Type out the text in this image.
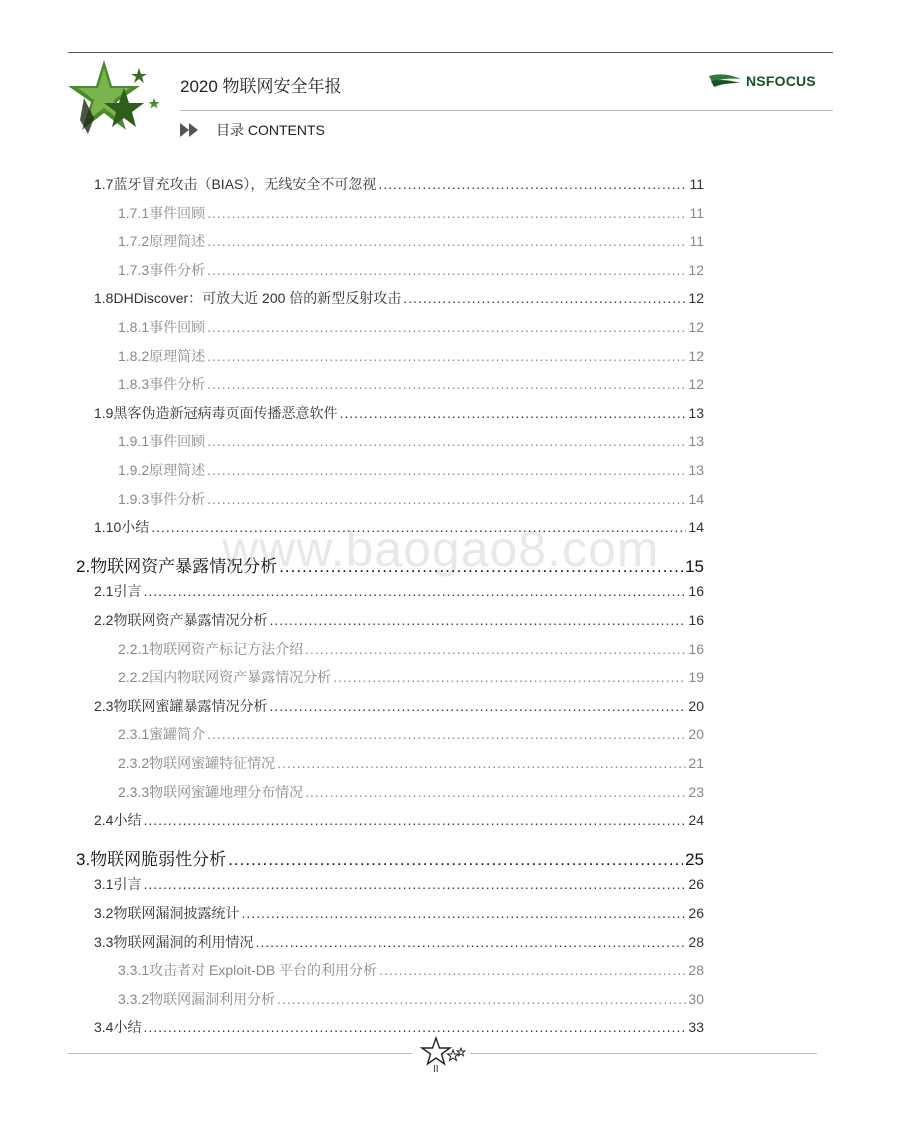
2020 物联网安全年报	NSFOCUS
目录 CONTENTS
1.7 蓝牙冒充攻击（BIAS），无线安全不可忽视 .....	11
1.7.1 事件回顾 .....	11
1.7.2 原理简述 .....	11
1.7.3 事件分析 .....	12
1.8 DHDiscover：可放大近 200 倍的新型反射攻击 .....	12
1.8.1 事件回顾 .....	12
1.8.2 原理简述 .....	12
1.8.3 事件分析 .....	12
1.9 黑客伪造新冠病毒页面传播恶意软件 .....	13
1.9.1 事件回顾 .....	13
1.9.2 原理简述 .....	13
1.9.3 事件分析 .....	14
1.10 小结 .....	14
2. 物联网资产暴露情况分析 .....	15
2.1 引言 .....	16
2.2 物联网资产暴露情况分析 .....	16
2.2.1 物联网资产标记方法介绍 .....	16
2.2.2 国内物联网资产暴露情况分析 .....	19
2.3 物联网蜜罐暴露情况分析 .....	20
2.3.1 蜜罐简介 .....	20
2.3.2 物联网蜜罐特征情况 .....	21
2.3.3 物联网蜜罐地理分布情况 .....	23
2.4 小结 .....	24
3. 物联网脆弱性分析 .....	25
3.1 引言 .....	26
3.2 物联网漏洞披露统计 .....	26
3.3 物联网漏洞的利用情况 .....	28
3.3.1 攻击者对 Exploit-DB 平台的利用分析 .....	28
3.3.2 物联网漏洞利用分析 .....	30
3.4 小结 .....	33
www.baogao8.com
II
